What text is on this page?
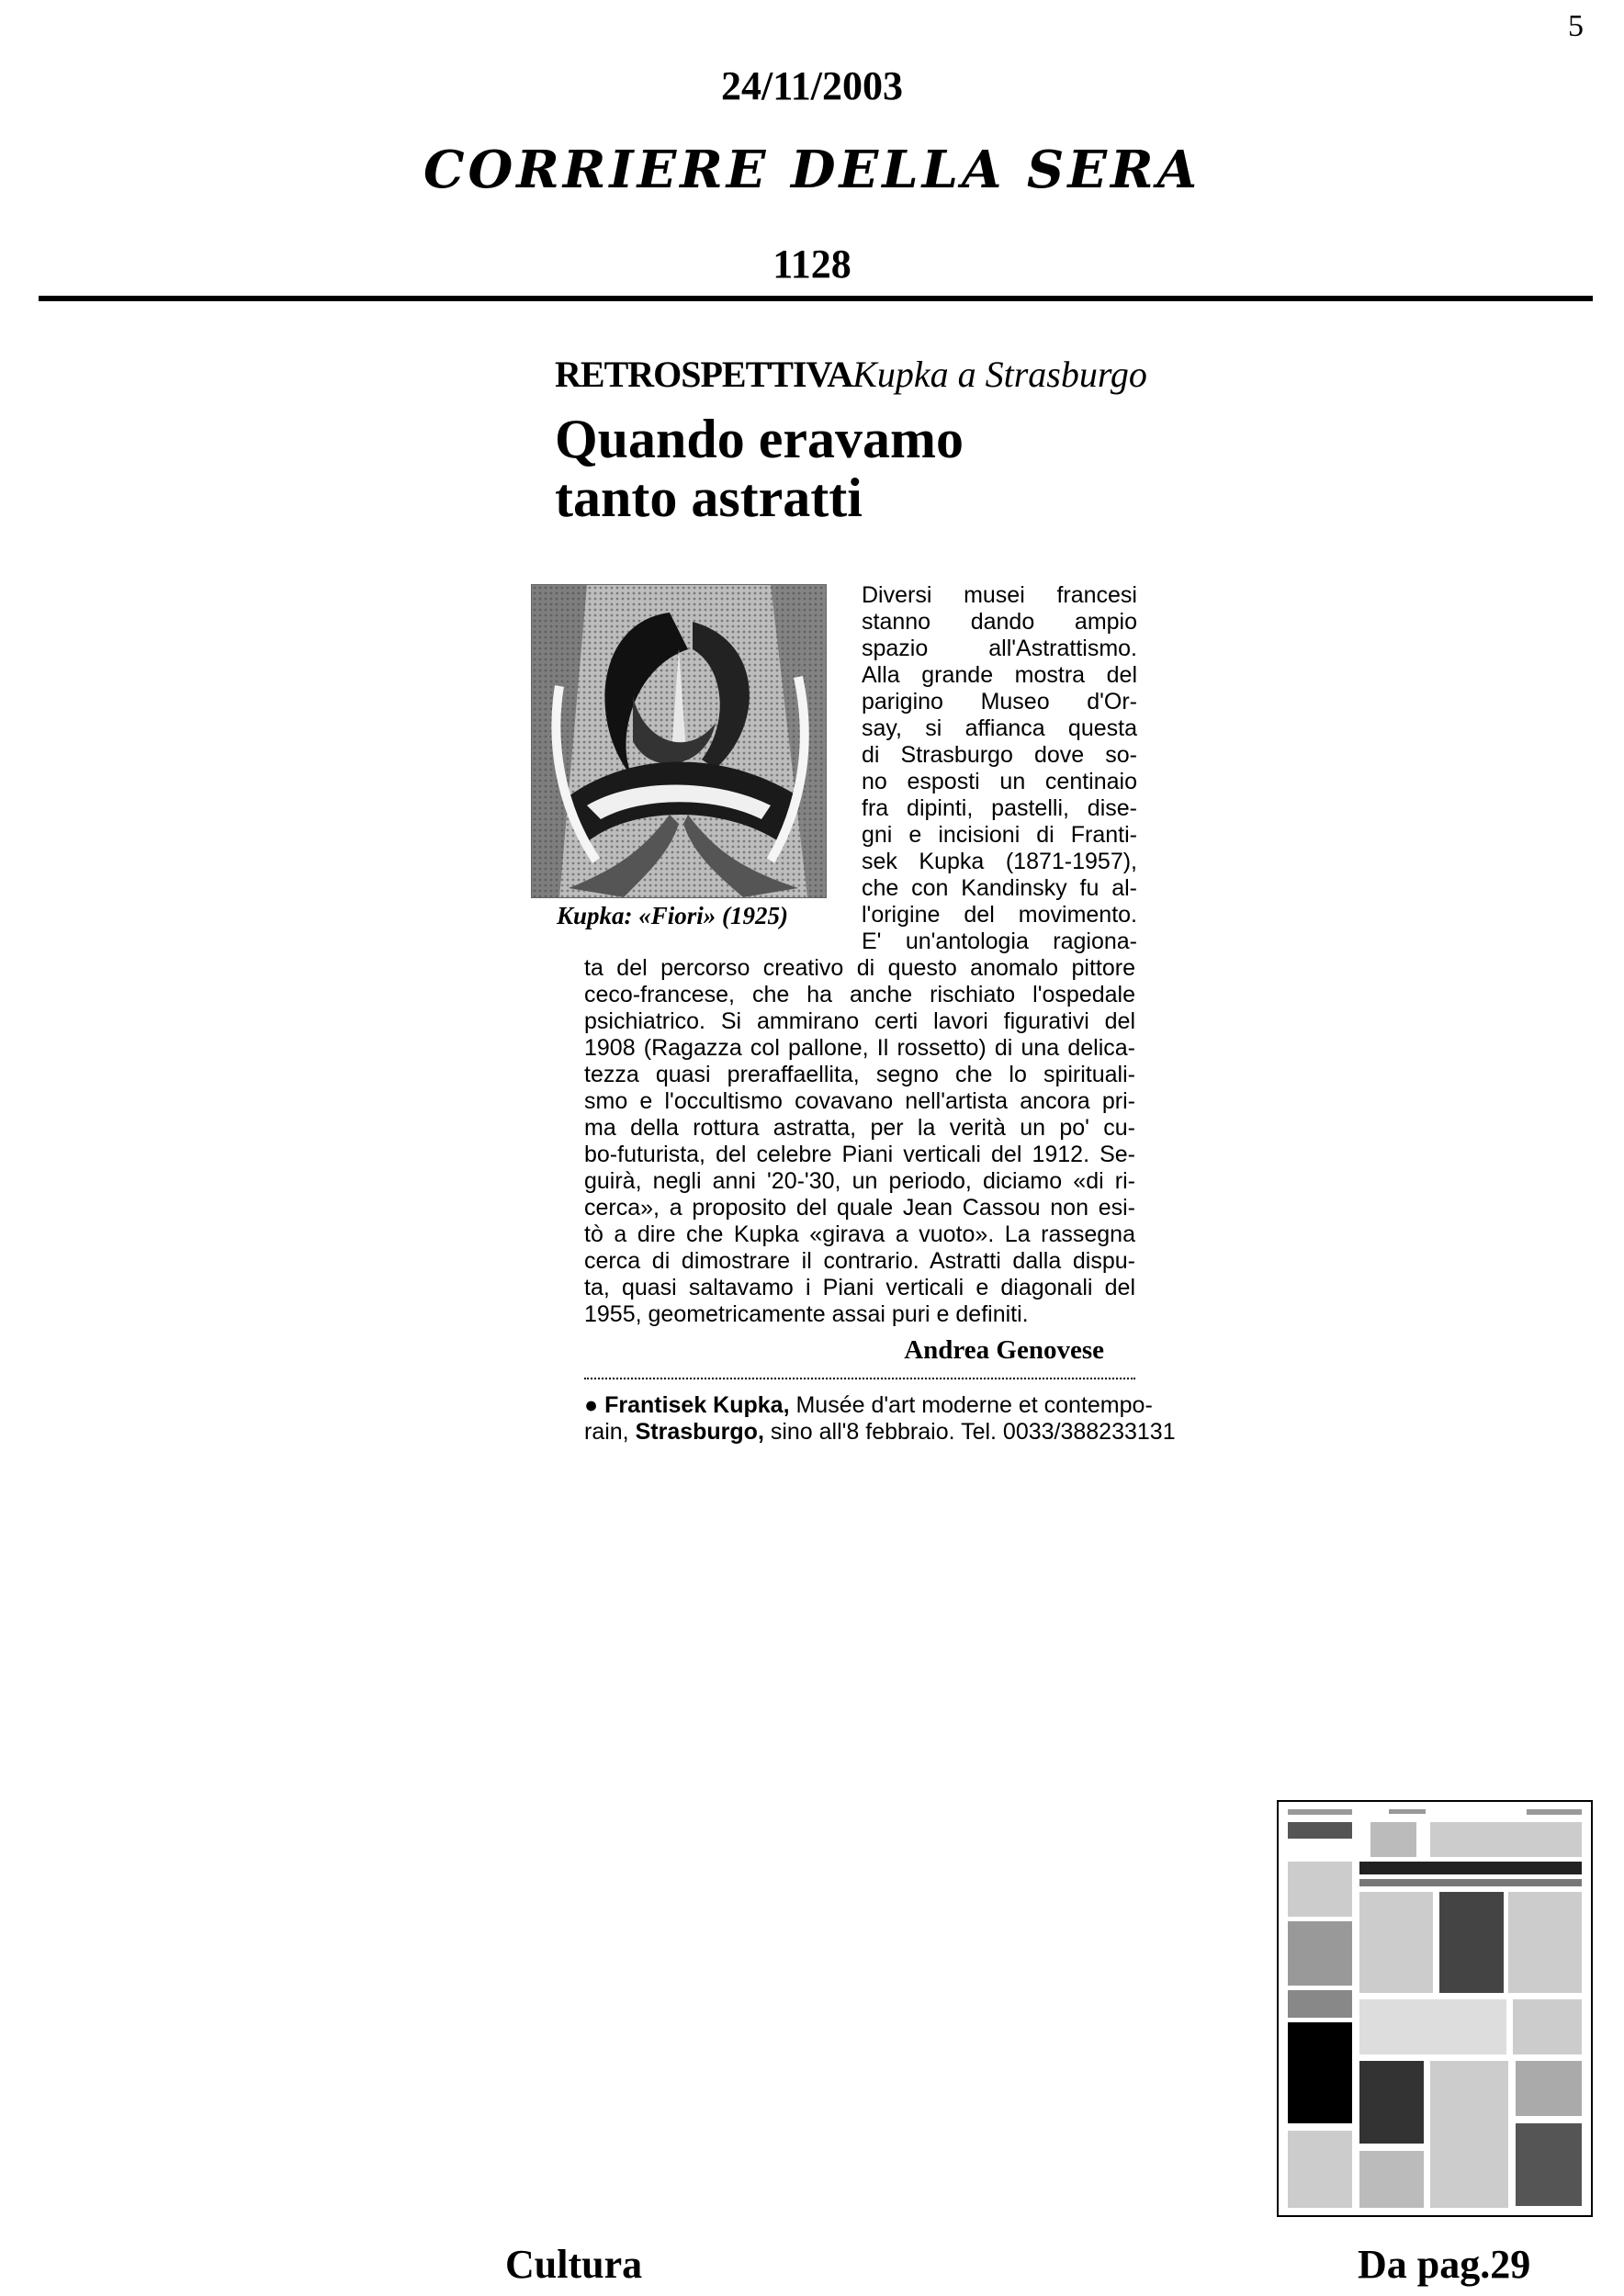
5
24/11/2003
CORRIERE DELLA SERA
1128
RETROSPETTIVAKupka a Strasburgo
Quando eravamo
tanto astratti
Kupka: «Fiori» (1925)
Diversi musei francesi
stanno dando ampio
spazio all'Astrattismo.
Alla grande mostra del
parigino Museo d'Or-
say, si affianca questa
di Strasburgo dove so-
no esposti un centinaio
fra dipinti, pastelli, dise-
gni e incisioni di Franti-
sek Kupka (1871-1957),
che con Kandinsky fu al-
l'origine del movimento.
E' un'antologia ragiona-
ta del percorso creativo di questo anomalo pittore
ceco-francese, che ha anche rischiato l'ospedale
psichiatrico. Si ammirano certi lavori figurativi del
1908 (Ragazza col pallone, Il rossetto) di una delica-
tezza quasi preraffaellita, segno che lo spirituali-
smo e l'occultismo covavano nell'artista ancora pri-
ma della rottura astratta, per la verità un po' cu-
bo-futurista, del celebre Piani verticali del 1912. Se-
guirà, negli anni '20-'30, un periodo, diciamo «di ri-
cerca», a proposito del quale Jean Cassou non esi-
tò a dire che Kupka «girava a vuoto». La rassegna
cerca di dimostrare il contrario. Astratti dalla dispu-
ta, quasi saltavamo i Piani verticali e diagonali del
1955, geometricamente assai puri e definiti.
Andrea Genovese
● Frantisek Kupka, Musée d'art moderne et contempo-
rain, Strasburgo, sino all'8 febbraio. Tel. 0033/388233131
Cultura	Da pag.29
